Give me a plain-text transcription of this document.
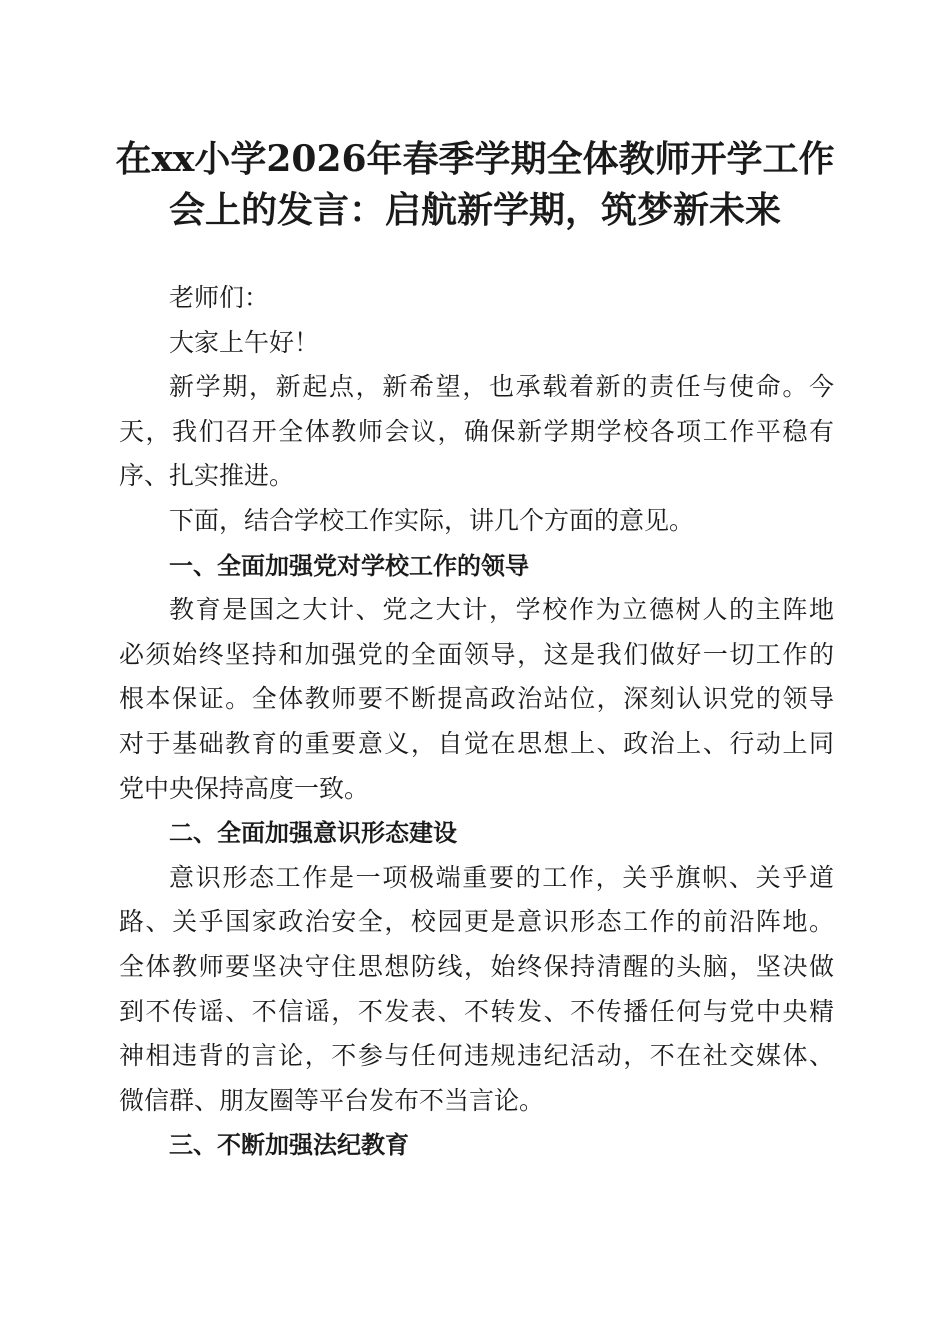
在xx小学2026年春季学期全体教师开学工作
会上的发言：启航新学期，筑梦新未来
老师们：
大家上午好！
新学期，新起点，新希望，也承载着新的责任与使命。今
天，我们召开全体教师会议，确保新学期学校各项工作平稳有
序、扎实推进。
下面，结合学校工作实际，讲几个方面的意见。
一、全面加强党对学校工作的领导
教育是国之大计、党之大计，学校作为立德树人的主阵地
必须始终坚持和加强党的全面领导，这是我们做好一切工作的
根本保证。全体教师要不断提高政治站位，深刻认识党的领导
对于基础教育的重要意义，自觉在思想上、政治上、行动上同
党中央保持高度一致。
二、全面加强意识形态建设
意识形态工作是一项极端重要的工作，关乎旗帜、关乎道
路、关乎国家政治安全，校园更是意识形态工作的前沿阵地。
全体教师要坚决守住思想防线，始终保持清醒的头脑，坚决做
到不传谣、不信谣，不发表、不转发、不传播任何与党中央精
神相违背的言论，不参与任何违规违纪活动，不在社交媒体、
微信群、朋友圈等平台发布不当言论。
三、不断加强法纪教育
